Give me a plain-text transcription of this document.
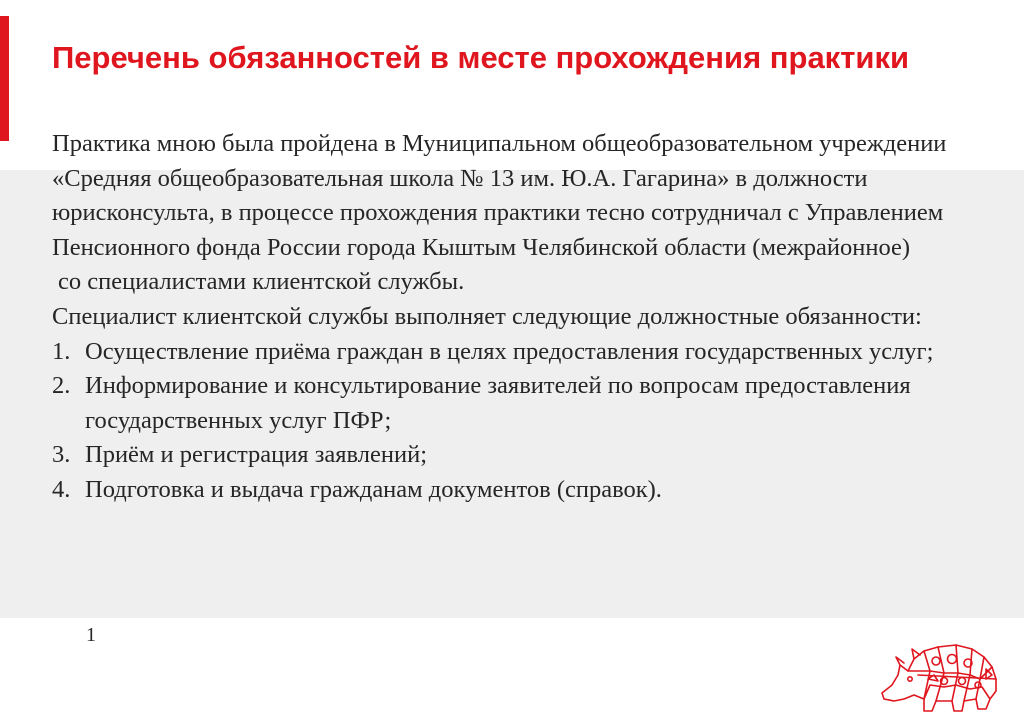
Перечень обязанностей в месте прохождения практики

Практика мною была пройдена в Муниципальном общеобразовательном учреждении «Средняя общеобразовательная школа № 13 им. Ю.А. Гагарина» в должности юрисконсульта, в процессе прохождения практики тесно сотрудничал с Управлением Пенсионного фонда России города Кыштым Челябинской области (межрайонное)

со специалистами клиентской службы.

Специалист клиентской службы выполняет следующие должностные обязанности:

1. Осуществление приёма граждан в целях предоставления государственных услуг;
2. Информирование и консультирование заявителей по вопросам предоставления государственных услуг ПФР;
3. Приём и регистрация заявлений;
4. Подготовка и выдача гражданам документов (справок).
1
